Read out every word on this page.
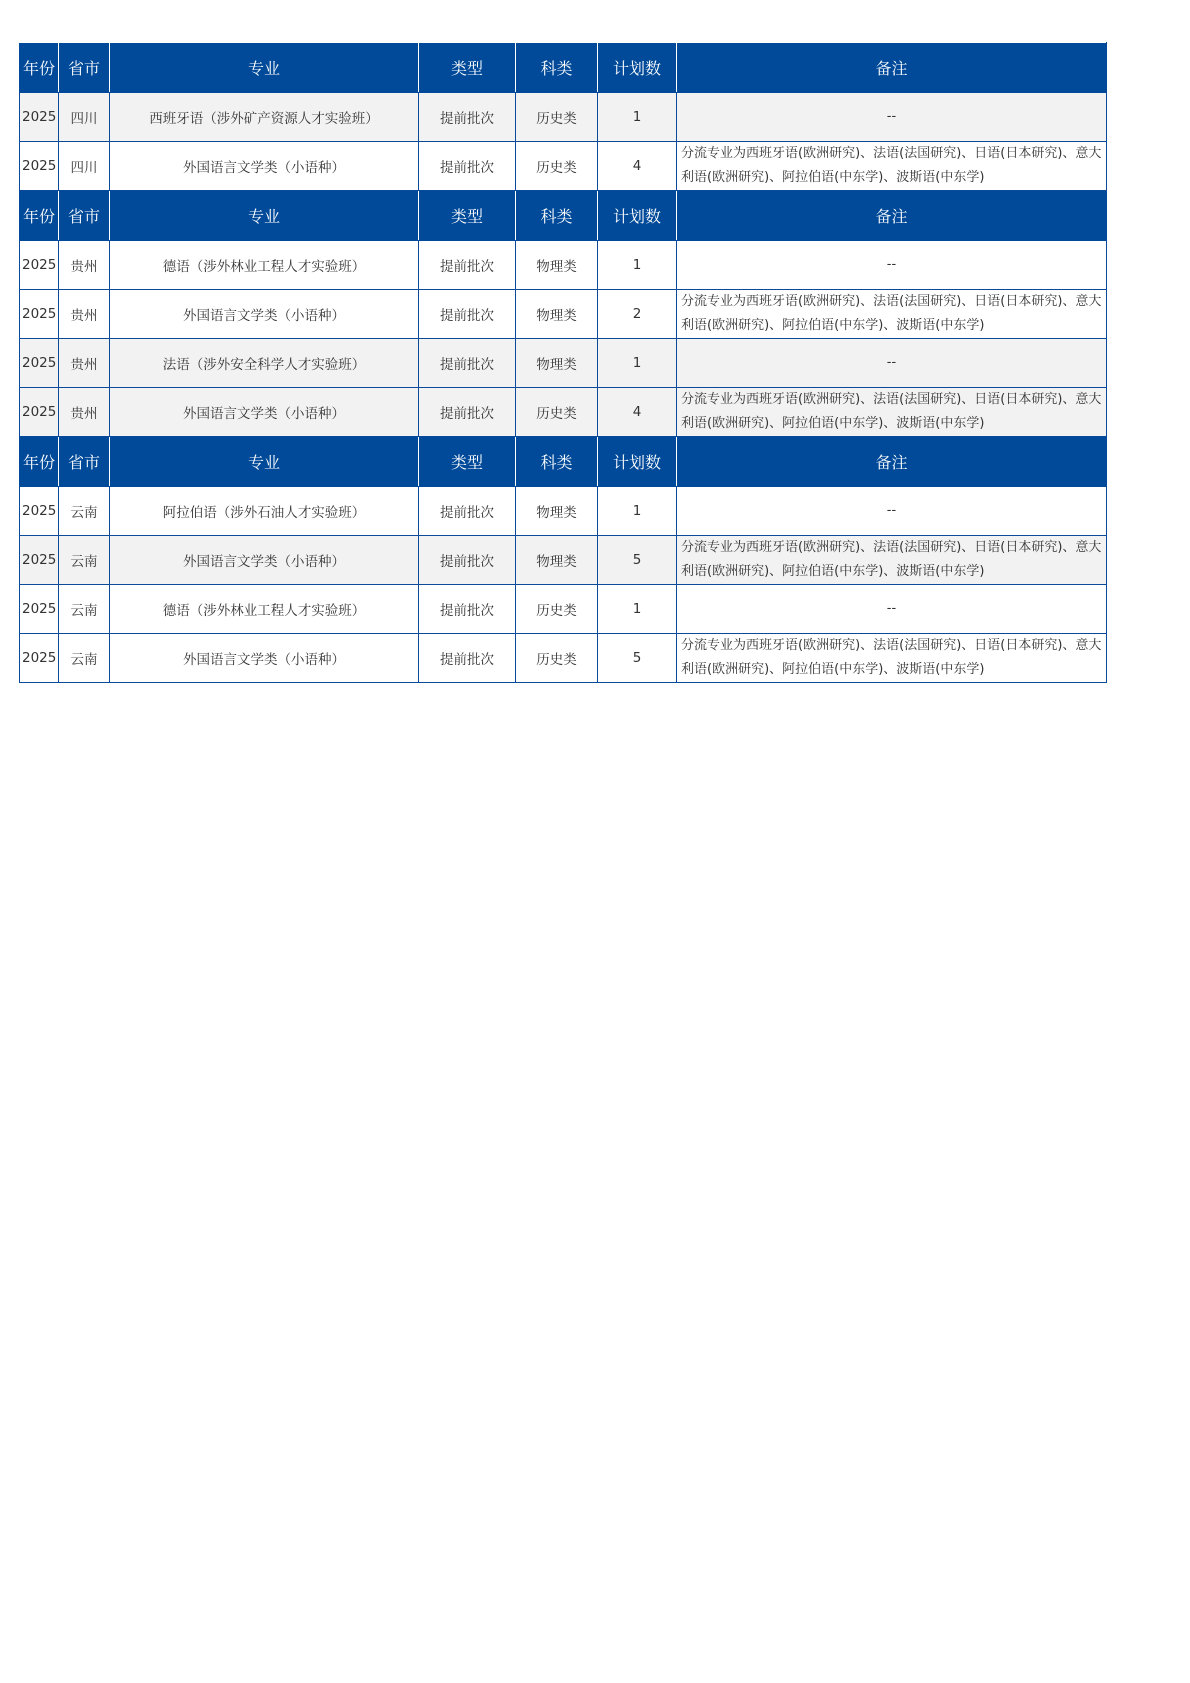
年份	省市	专业	类型	科类	计划数	备注
2025	四川	西班牙语（涉外矿产资源人才实验班）	提前批次	历史类	1	--
2025	四川	外国语言文学类（小语种）	提前批次	历史类	4	分流专业为西班牙语(欧洲研究)、法语(法国研究)、日语(日本研究)、意大利语(欧洲研究)、阿拉伯语(中东学)、波斯语(中东学)
年份	省市	专业	类型	科类	计划数	备注
2025	贵州	德语（涉外林业工程人才实验班）	提前批次	物理类	1	--
2025	贵州	外国语言文学类（小语种）	提前批次	物理类	2	分流专业为西班牙语(欧洲研究)、法语(法国研究)、日语(日本研究)、意大利语(欧洲研究)、阿拉伯语(中东学)、波斯语(中东学)
2025	贵州	法语（涉外安全科学人才实验班）	提前批次	物理类	1	--
2025	贵州	外国语言文学类（小语种）	提前批次	历史类	4	分流专业为西班牙语(欧洲研究)、法语(法国研究)、日语(日本研究)、意大利语(欧洲研究)、阿拉伯语(中东学)、波斯语(中东学)
年份	省市	专业	类型	科类	计划数	备注
2025	云南	阿拉伯语（涉外石油人才实验班）	提前批次	物理类	1	--
2025	云南	外国语言文学类（小语种）	提前批次	物理类	5	分流专业为西班牙语(欧洲研究)、法语(法国研究)、日语(日本研究)、意大利语(欧洲研究)、阿拉伯语(中东学)、波斯语(中东学)
2025	云南	德语（涉外林业工程人才实验班）	提前批次	历史类	1	--
2025	云南	外国语言文学类（小语种）	提前批次	历史类	5	分流专业为西班牙语(欧洲研究)、法语(法国研究)、日语(日本研究)、意大利语(欧洲研究)、阿拉伯语(中东学)、波斯语(中东学)
